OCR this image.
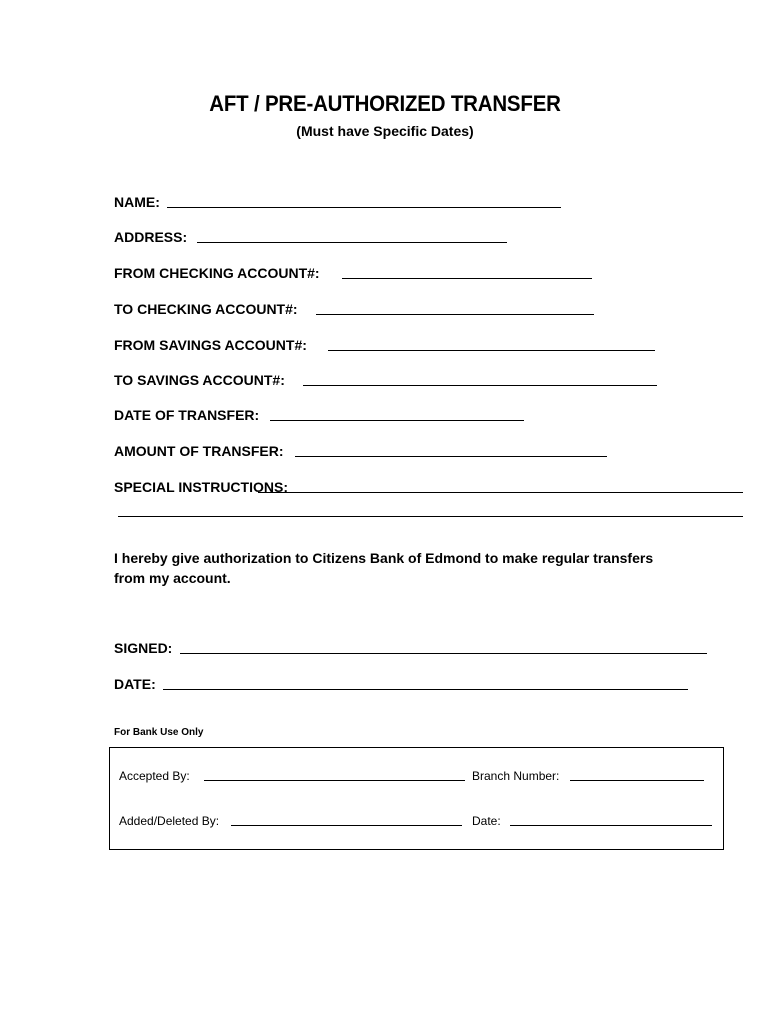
AFT / PRE-AUTHORIZED TRANSFER
(Must have Specific Dates)
NAME:
ADDRESS:
FROM CHECKING ACCOUNT#:
TO CHECKING ACCOUNT#:
FROM SAVINGS ACCOUNT#:
TO SAVINGS ACCOUNT#:
DATE OF TRANSFER:
AMOUNT OF TRANSFER:
SPECIAL INSTRUCTIONS:
I hereby give authorization to Citizens Bank of Edmond to make regular transfers from my account.
SIGNED:
DATE:
For Bank Use Only
Accepted By:	Branch Number:
Added/Deleted By:	Date:
